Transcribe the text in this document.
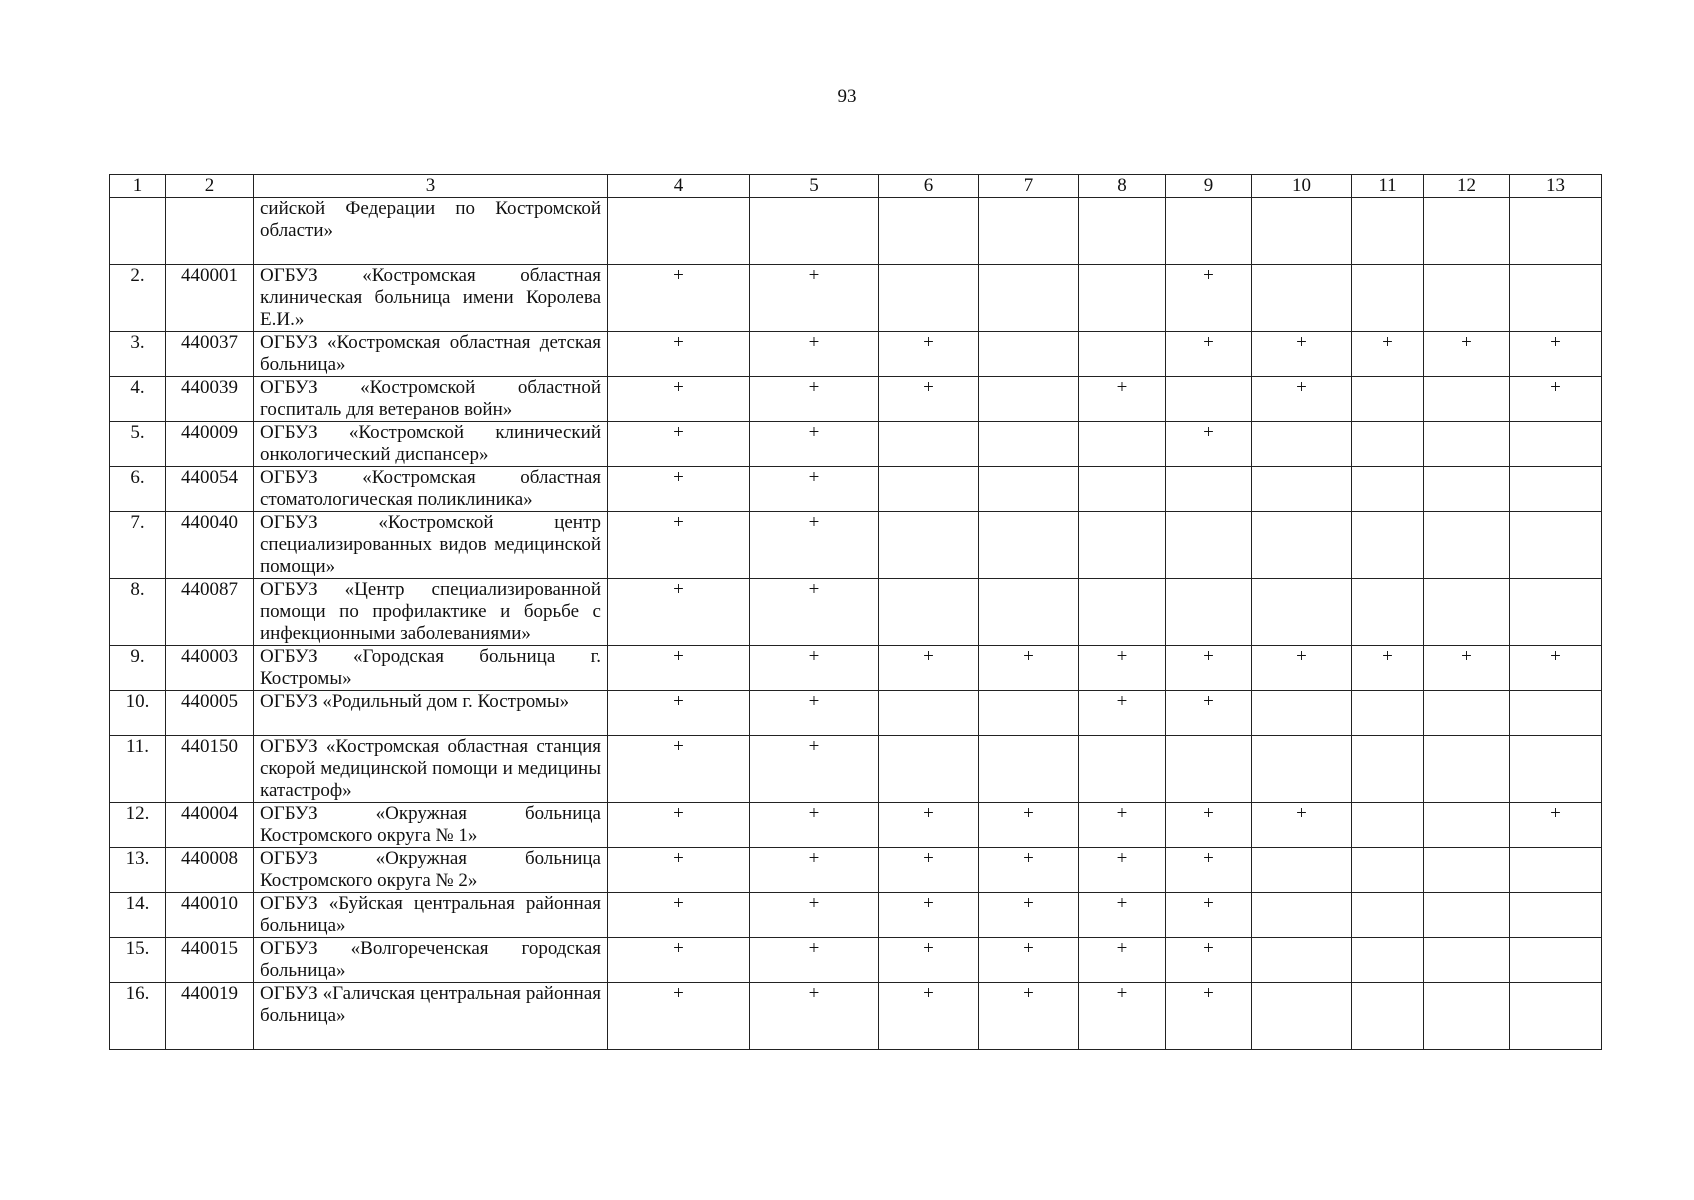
93
1	2	3	4	5	6	7	8	9	10	11	12	13
		сийской Федерации по Костромской области»										
2.	440001	ОГБУЗ «Костромская областная клиническая больница имени Королева Е.И.»	+	+				+				
3.	440037	ОГБУЗ «Костромская областная детская больница»	+	+	+			+	+	+	+	+
4.	440039	ОГБУЗ «Костромской областной госпиталь для ветеранов войн»	+	+	+		+		+			+
5.	440009	ОГБУЗ «Костромской клинический онкологический диспансер»	+	+				+				
6.	440054	ОГБУЗ «Костромская областная стоматологическая поликлиника»	+	+								
7.	440040	ОГБУЗ «Костромской центр специализированных видов медицинской помощи»	+	+								
8.	440087	ОГБУЗ «Центр специализированной помощи по профилактике и борьбе с инфекционными заболеваниями»	+	+								
9.	440003	ОГБУЗ «Городская больница г. Костромы»	+	+	+	+	+	+	+	+	+	+
10.	440005	ОГБУЗ «Родильный дом г. Костромы»	+	+			+	+				
11.	440150	ОГБУЗ «Костромская областная станция скорой медицинской помощи и медицины катастроф»	+	+								
12.	440004	ОГБУЗ «Окружная больница Костромского округа № 1»	+	+	+	+	+	+	+			+
13.	440008	ОГБУЗ «Окружная больница Костромского округа № 2»	+	+	+	+	+	+				
14.	440010	ОГБУЗ «Буйская центральная районная больница»	+	+	+	+	+	+				
15.	440015	ОГБУЗ «Волгореченская городская больница»	+	+	+	+	+	+				
16.	440019	ОГБУЗ «Галичская центральная районная больница»	+	+	+	+	+	+				
